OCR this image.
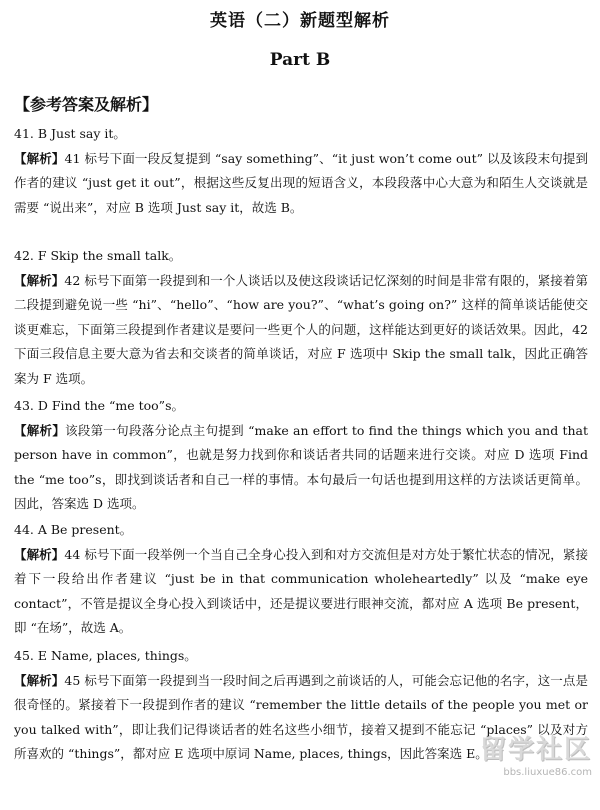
英语（二）新题型解析
Part B
【参考答案及解析】
41. B Just say it。
【解析】41 标号下面一段反复提到 “say something”、“it just won’t come out” 以及该段末句提到作者的建议 “just get it out”，根据这些反复出现的短语含义，本段段落中心大意为和陌生人交谈就是需要 “说出来”，对应 B 选项 Just say it，故选 B。
42. F Skip the small talk。
【解析】42 标号下面第一段提到和一个人谈话以及使这段谈话记忆深刻的时间是非常有限的，紧接着第二段提到避免说一些 “hi”、“hello”、“how are you?”、“what’s going on?” 这样的简单谈话能使交谈更难忘，下面第三段提到作者建议是要问一些更个人的问题，这样能达到更好的谈话效果。因此，42 下面三段信息主要大意为省去和交谈者的简单谈话，对应 F 选项中 Skip the small talk，因此正确答案为 F 选项。
43. D Find the “me too”s。
【解析】该段第一句段落分论点主句提到 “make an effort to find the things which you and that person have in common”，也就是努力找到你和谈话者共同的话题来进行交谈。对应 D 选项 Find the “me too”s，即找到谈话者和自己一样的事情。本句最后一句话也提到用这样的方法谈话更简单。因此，答案选 D 选项。
44. A Be present。
【解析】44 标号下面一段举例一个当自己全身心投入到和对方交流但是对方处于繁忙状态的情况，紧接着下一段给出作者建议 “just be in that communication wholeheartedly” 以及 “make eye contact”，不管是提议全身心投入到谈话中，还是提议要进行眼神交流，都对应 A 选项 Be present，即 “在场”，故选 A。
45. E Name, places, things。
【解析】45 标号下面第一段提到当一段时间之后再遇到之前谈话的人，可能会忘记他的名字，这一点是很奇怪的。紧接着下一段提到作者的建议 “remember the little details of the people you met or you talked with”，即让我们记得谈话者的姓名这些小细节，接着又提到不能忘记 “places” 以及对方所喜欢的 “things”，都对应 E 选项中原词 Name, places, things，因此答案选 E。
留学社区
bbs.liuxue86.com
